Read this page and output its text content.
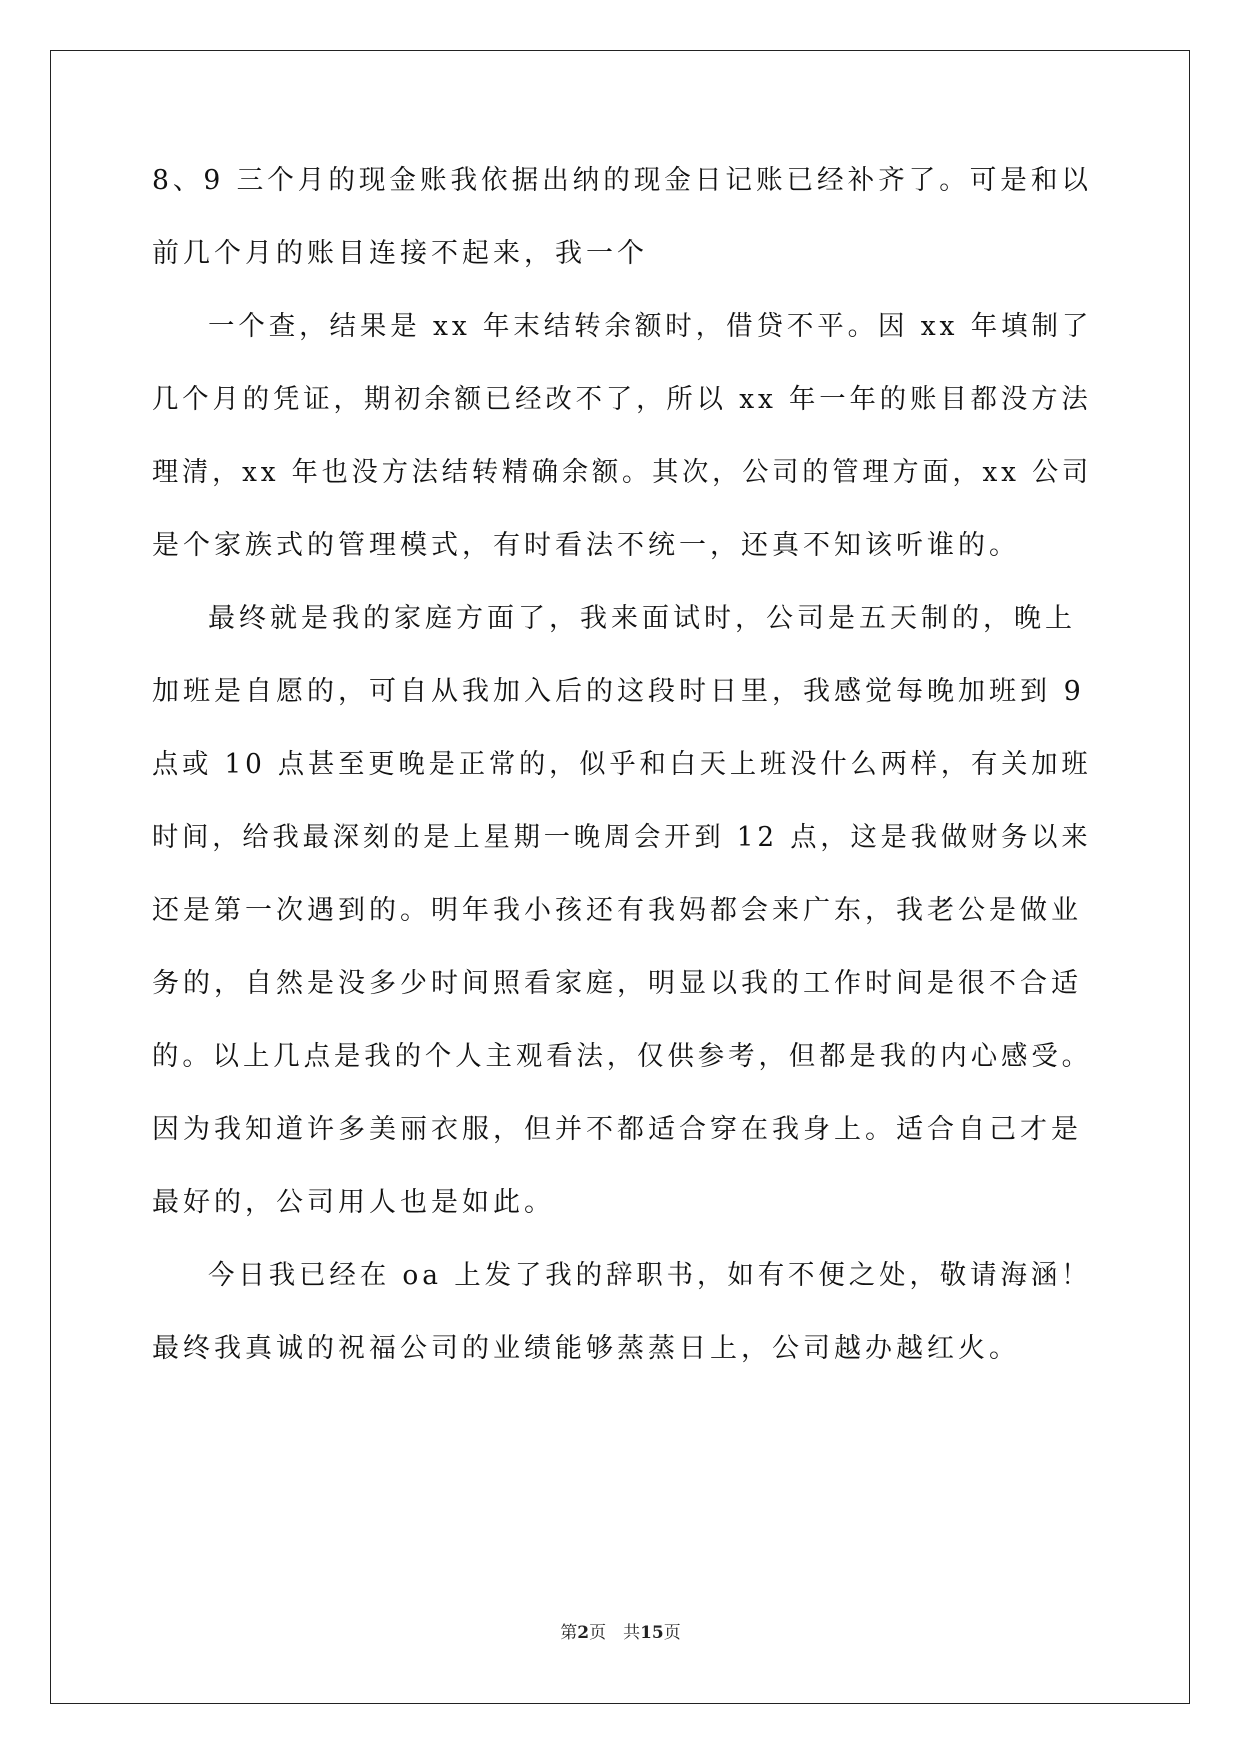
8、9 三个月的现金账我依据出纳的现金日记账已经补齐了。可是和以
前几个月的账目连接不起来，我一个
一个查，结果是 xx 年末结转余额时，借贷不平。因 xx 年填制了
几个月的凭证，期初余额已经改不了，所以 xx 年一年的账目都没方法
理清，xx 年也没方法结转精确余额。其次，公司的管理方面，xx 公司
是个家族式的管理模式，有时看法不统一，还真不知该听谁的。
最终就是我的家庭方面了，我来面试时，公司是五天制的，晚上
加班是自愿的，可自从我加入后的这段时日里，我感觉每晚加班到 9
点或 10 点甚至更晚是正常的，似乎和白天上班没什么两样，有关加班
时间，给我最深刻的是上星期一晚周会开到 12 点，这是我做财务以来
还是第一次遇到的。明年我小孩还有我妈都会来广东，我老公是做业
务的，自然是没多少时间照看家庭，明显以我的工作时间是很不合适
的。以上几点是我的个人主观看法，仅供参考，但都是我的内心感受。
因为我知道许多美丽衣服，但并不都适合穿在我身上。适合自己才是
最好的，公司用人也是如此。
今日我已经在 oa 上发了我的辞职书，如有不便之处，敬请海涵！
最终我真诚的祝福公司的业绩能够蒸蒸日上，公司越办越红火。
第2页　共15页
